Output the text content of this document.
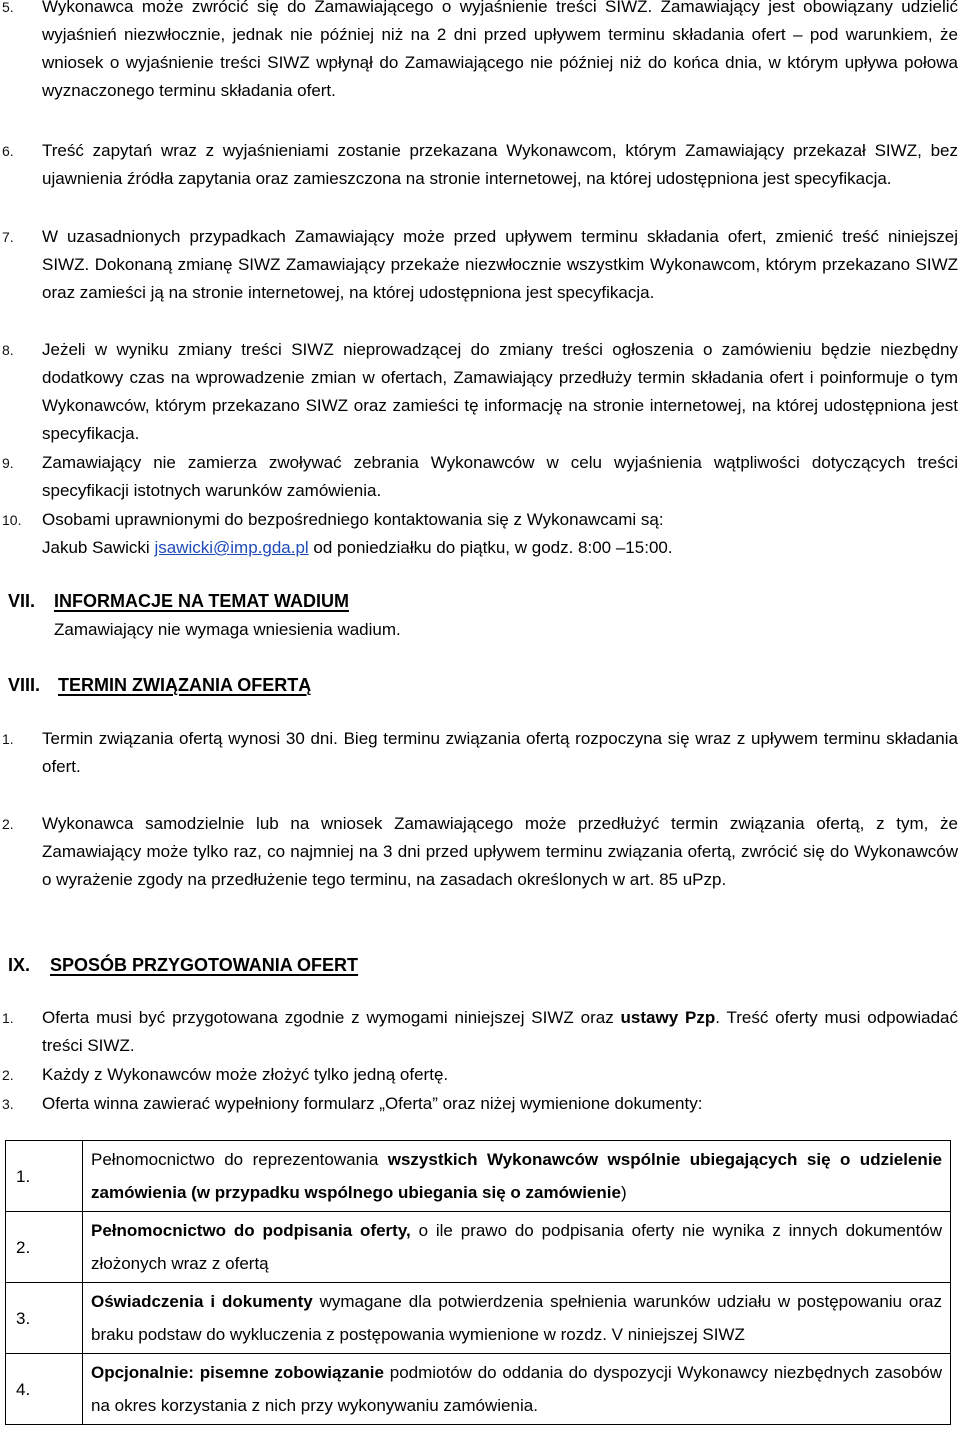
5. Wykonawca może zwrócić się do Zamawiającego o wyjaśnienie treści SIWZ. Zamawiający jest obowiązany udzielić wyjaśnień niezwłocznie, jednak nie później niż na 2 dni przed upływem terminu składania ofert – pod warunkiem, że wniosek o wyjaśnienie treści SIWZ wpłynął do Zamawiającego nie później niż do końca dnia, w którym upływa połowa wyznaczonego terminu składania ofert.
6. Treść zapytań wraz z wyjaśnieniami zostanie przekazana Wykonawcom, którym Zamawiający przekazał SIWZ, bez ujawnienia źródła zapytania oraz zamieszczona na stronie internetowej, na której udostępniona jest specyfikacja.
7. W uzasadnionych przypadkach Zamawiający może przed upływem terminu składania ofert, zmienić treść niniejszej SIWZ. Dokonaną zmianę SIWZ Zamawiający przekaże niezwłocznie wszystkim Wykonawcom, którym przekazano SIWZ oraz zamieści ją na stronie internetowej, na której udostępniona jest specyfikacja.
8. Jeżeli w wyniku zmiany treści SIWZ nieprowadzącej do zmiany treści ogłoszenia o zamówieniu będzie niezbędny dodatkowy czas na wprowadzenie zmian w ofertach, Zamawiający przedłuży termin składania ofert i poinformuje o tym Wykonawców, którym przekazano SIWZ oraz zamieści tę informację na stronie internetowej, na której udostępniona jest specyfikacja.
9. Zamawiający nie zamierza zwoływać zebrania Wykonawców w celu wyjaśnienia wątpliwości dotyczących treści specyfikacji istotnych warunków zamówienia.
10. Osobami uprawnionymi do bezpośredniego kontaktowania się z Wykonawcami są:
Jakub Sawicki jsawicki@imp.gda.pl od poniedziałku do piątku, w godz. 8:00 –15:00.
VII. INFORMACJE NA TEMAT WADIUM
Zamawiający nie wymaga wniesienia wadium.
VIII. TERMIN ZWIĄZANIA OFERTĄ
1. Termin związania ofertą wynosi 30 dni. Bieg terminu związania ofertą rozpoczyna się wraz z upływem terminu składania ofert.
2. Wykonawca samodzielnie lub na wniosek Zamawiającego może przedłużyć termin związania ofertą, z tym, że Zamawiający może tylko raz, co najmniej na 3 dni przed upływem terminu związania ofertą, zwrócić się do Wykonawców o wyrażenie zgody na przedłużenie tego terminu, na zasadach określonych w art. 85 uPzp.
IX. SPOSÓB PRZYGOTOWANIA OFERT
1. Oferta musi być przygotowana zgodnie z wymogami niniejszej SIWZ oraz ustawy Pzp. Treść oferty musi odpowiadać treści SIWZ.
2. Każdy z Wykonawców może złożyć tylko jedną ofertę.
3. Oferta winna zawierać wypełniony formularz „Oferta” oraz niżej wymienione dokumenty:
1.	Pełnomocnictwo do reprezentowania wszystkich Wykonawców wspólnie ubiegających się o udzielenie zamówienia (w przypadku wspólnego ubiegania się o zamówienie)
2.	Pełnomocnictwo do podpisania oferty, o ile prawo do podpisania oferty nie wynika z innych dokumentów złożonych wraz z ofertą
3.	Oświadczenia i dokumenty wymagane dla potwierdzenia spełnienia warunków udziału w postępowaniu oraz braku podstaw do wykluczenia z postępowania wymienione w rozdz. V niniejszej SIWZ
4.	Opcjonalnie: pisemne zobowiązanie podmiotów do oddania do dyspozycji Wykonawcy niezbędnych zasobów na okres korzystania z nich przy wykonywaniu zamówienia.
